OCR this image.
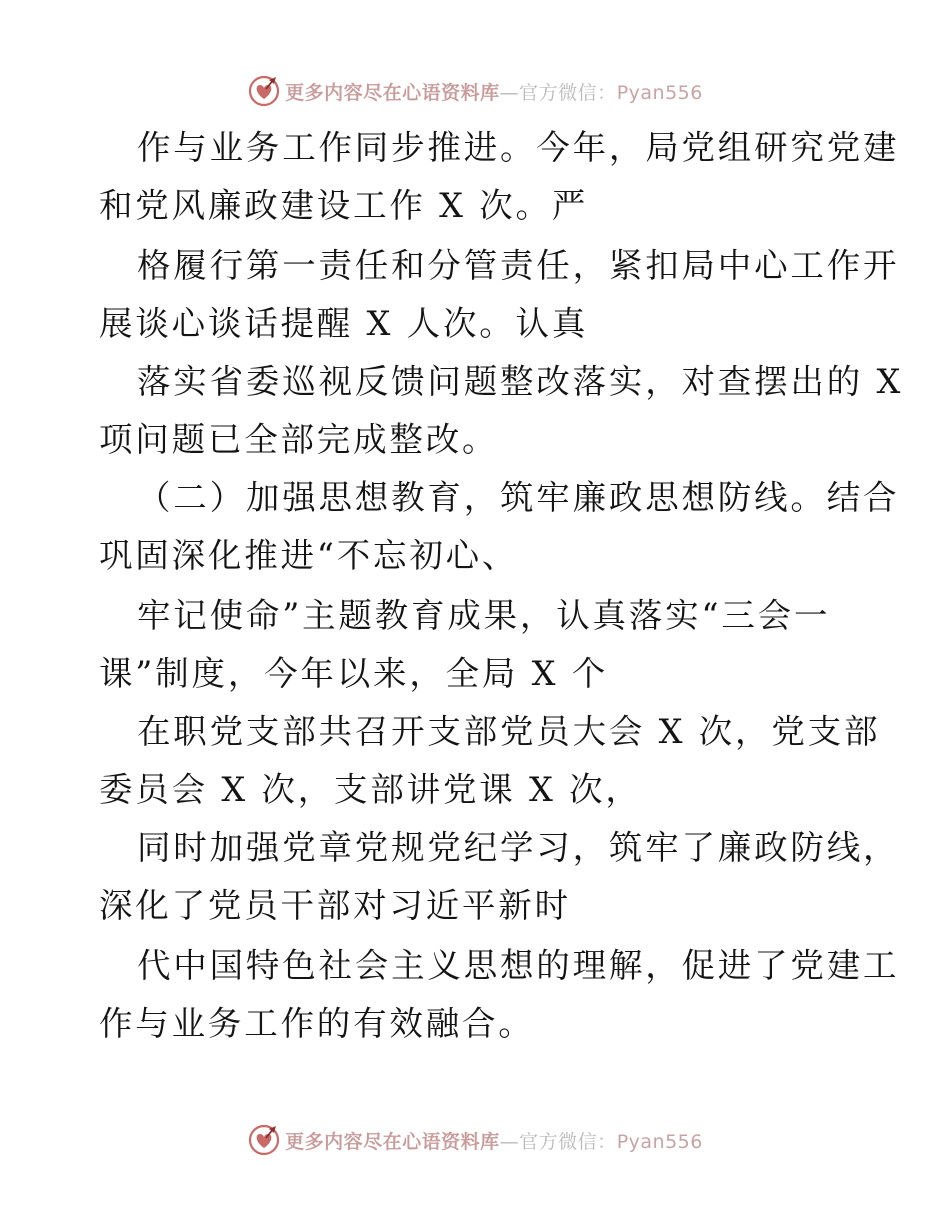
更多内容尽在心语资料库—官方微信：Pyan556
作与业务工作同步推进。今年，局党组研究党建
和党风廉政建设工作 X 次。严
格履行第一责任和分管责任，紧扣局中心工作开
展谈心谈话提醒 X 人次。认真
落实省委巡视反馈问题整改落实，对查摆出的 X
项问题已全部完成整改。
（二）加强思想教育，筑牢廉政思想防线。结合
巩固深化推进“不忘初心、
牢记使命”主题教育成果，认真落实“三会一
课”制度，今年以来，全局 X 个
在职党支部共召开支部党员大会 X 次，党支部
委员会 X 次，支部讲党课 X 次，
同时加强党章党规党纪学习，筑牢了廉政防线，
深化了党员干部对习近平新时
代中国特色社会主义思想的理解，促进了党建工
作与业务工作的有效融合。
更多内容尽在心语资料库—官方微信：Pyan556
